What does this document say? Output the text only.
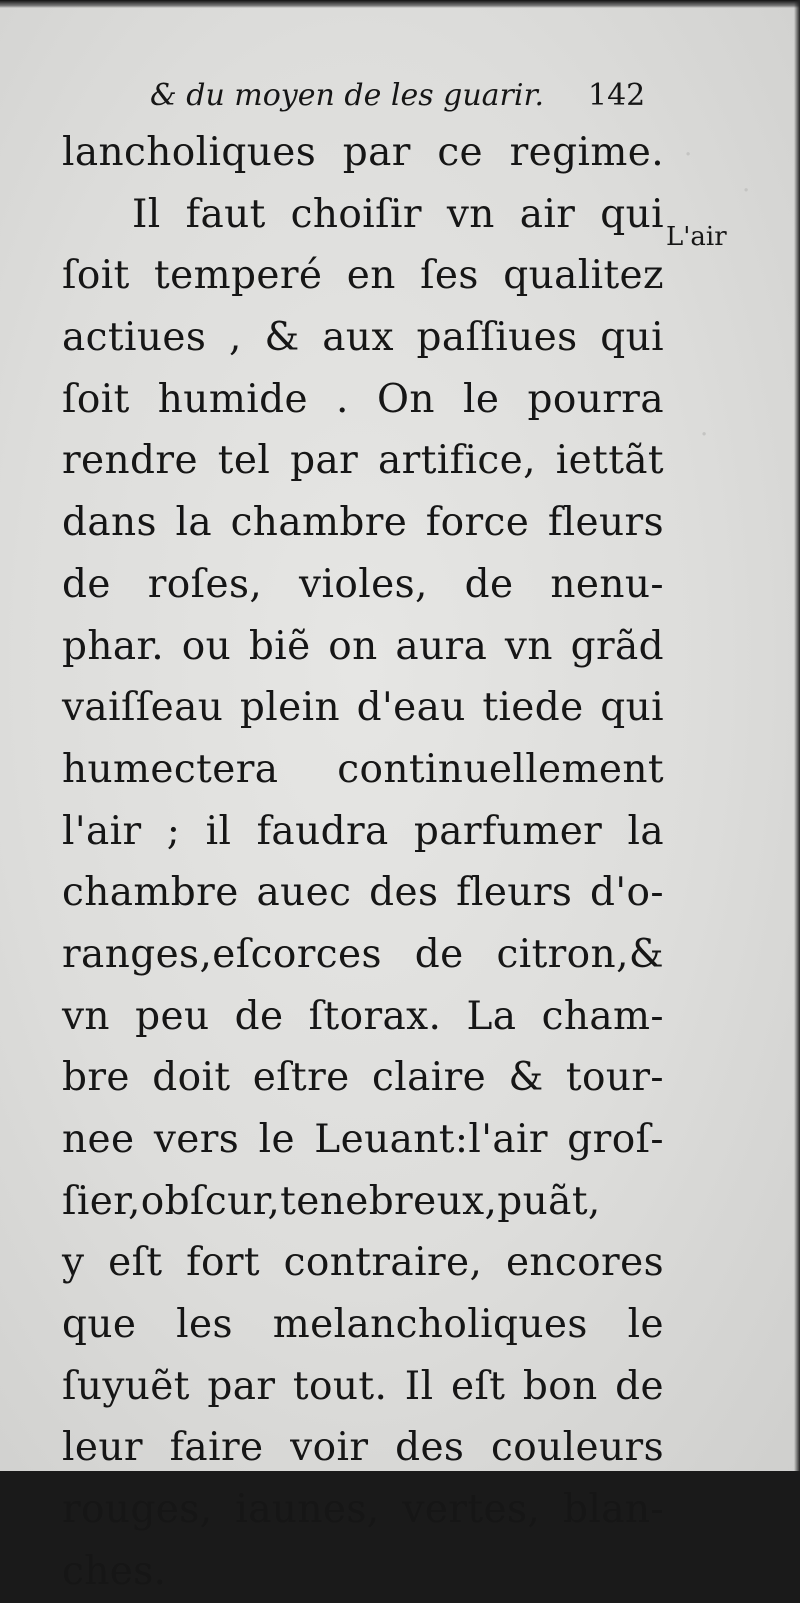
·
·
·
& du moyen de les guarir. 142
L'air
lancholiques par ce regime.
Il faut choiſir vn air qui
ſoit temperé en ſes qualitez
actiues , & aux paſſiues qui
ſoit humide . On le pourra
rendre tel par artifice, iettãt
dans la chambre force fleurs
de roſes, violes, de nenu-
phar. ou biẽ on aura vn grãd
vaiſſeau plein d'eau tiede qui
humectera continuellement
l'air ; il faudra parfumer la
chambre auec des fleurs d'o-
ranges,eſcorces de citron,&
vn peu de ſtorax. La cham-
bre doit eſtre claire & tour-
nee vers le Leuant:l'air groſ-
ſier,obſcur,tenebreux,puãt,
y eſt fort contraire, encores
que les melancholiques le
ſuyuẽt par tout. Il eſt bon de
leur faire voir des couleurs
rouges, iaunes, vertes, blan-
ches.
